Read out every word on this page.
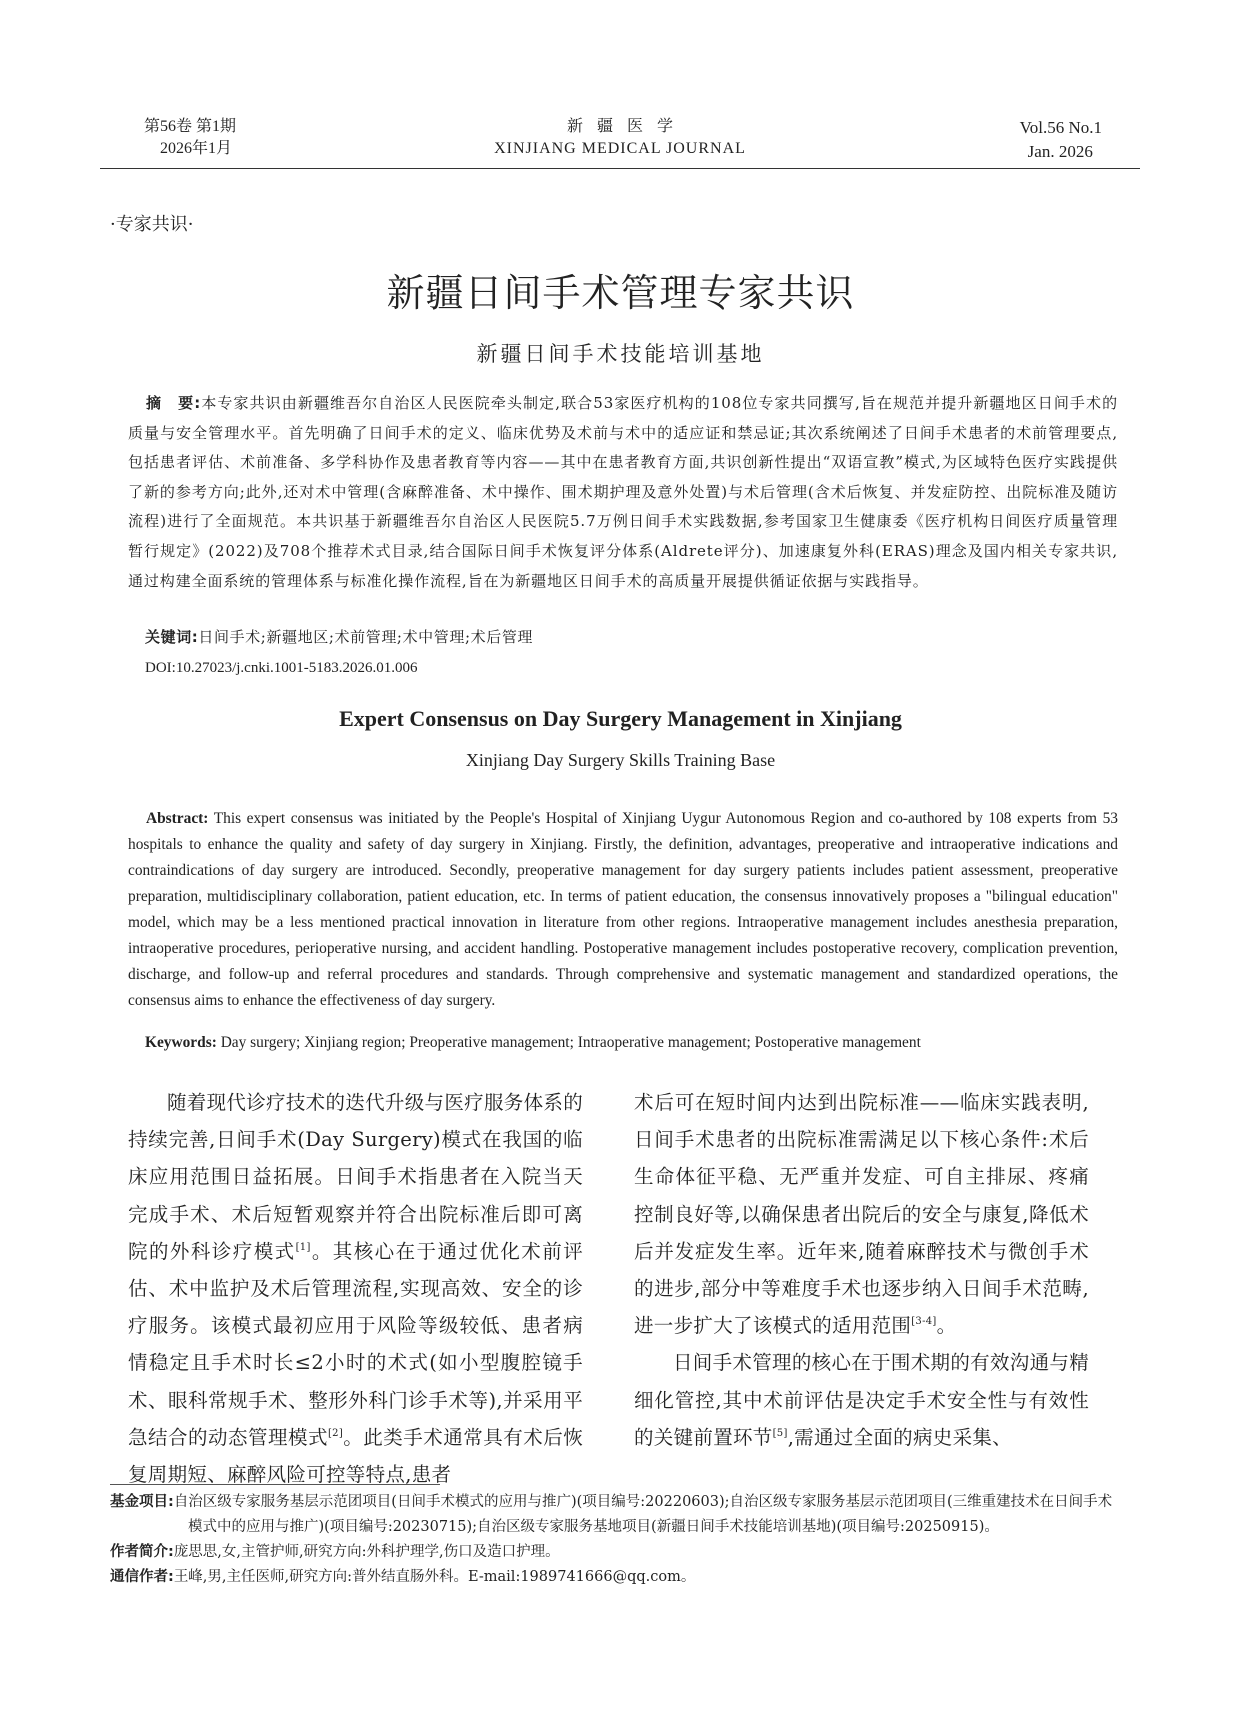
第56卷 第1期
2026年1月
新疆医学
XINJIANG MEDICAL JOURNAL
Vol.56 No.1
Jan. 2026
·专家共识·
新疆日间手术管理专家共识
新疆日间手术技能培训基地
摘　要:本专家共识由新疆维吾尔自治区人民医院牵头制定,联合53家医疗机构的108位专家共同撰写,旨在规范并提升新疆地区日间手术的质量与安全管理水平。首先明确了日间手术的定义、临床优势及术前与术中的适应证和禁忌证;其次系统阐述了日间手术患者的术前管理要点,包括患者评估、术前准备、多学科协作及患者教育等内容——其中在患者教育方面,共识创新性提出“双语宣教”模式,为区域特色医疗实践提供了新的参考方向;此外,还对术中管理(含麻醉准备、术中操作、围术期护理及意外处置)与术后管理(含术后恢复、并发症防控、出院标准及随访流程)进行了全面规范。本共识基于新疆维吾尔自治区人民医院5.7万例日间手术实践数据,参考国家卫生健康委《医疗机构日间医疗质量管理暂行规定》(2022)及708个推荐术式目录,结合国际日间手术恢复评分体系(Aldrete评分)、加速康复外科(ERAS)理念及国内相关专家共识,通过构建全面系统的管理体系与标准化操作流程,旨在为新疆地区日间手术的高质量开展提供循证依据与实践指导。
关键词:日间手术;新疆地区;术前管理;术中管理;术后管理
DOI:10.27023/j.cnki.1001-5183.2026.01.006
Expert Consensus on Day Surgery Management in Xinjiang
Xinjiang Day Surgery Skills Training Base
Abstract: This expert consensus was initiated by the People's Hospital of Xinjiang Uygur Autonomous Region and co-authored by 108 experts from 53 hospitals to enhance the quality and safety of day surgery in Xinjiang. Firstly, the definition, advantages, preoperative and intraoperative indications and contraindications of day surgery are introduced. Secondly, preoperative management for day surgery patients includes patient assessment, preoperative preparation, multidisciplinary collaboration, patient education, etc. In terms of patient education, the consensus innovatively proposes a "bilingual education" model, which may be a less mentioned practical innovation in literature from other regions. Intraoperative management includes anesthesia preparation, intraoperative procedures, perioperative nursing, and accident handling. Postoperative management includes postoperative recovery, complication prevention, discharge, and follow-up and referral procedures and standards. Through comprehensive and systematic management and standardized operations, the consensus aims to enhance the effectiveness of day surgery.
Keywords: Day surgery; Xinjiang region; Preoperative management; Intraoperative management; Postoperative management

随着现代诊疗技术的迭代升级与医疗服务体系的持续完善,日间手术(Day Surgery)模式在我国的临床应用范围日益拓展。日间手术指患者在入院当天完成手术、术后短暂观察并符合出院标准后即可离院的外科诊疗模式[1]。其核心在于通过优化术前评估、术中监护及术后管理流程,实现高效、安全的诊疗服务。该模式最初应用于风险等级较低、患者病情稳定且手术时长≤2小时的术式(如小型腹腔镜手术、眼科常规手术、整形外科门诊手术等),并采用平急结合的动态管理模式[2]。此类手术通常具有术后恢复周期短、麻醉风险可控等特点,患者

术后可在短时间内达到出院标准——临床实践表明,日间手术患者的出院标准需满足以下核心条件:术后生命体征平稳、无严重并发症、可自主排尿、疼痛控制良好等,以确保患者出院后的安全与康复,降低术后并发症发生率。近年来,随着麻醉技术与微创手术的进步,部分中等难度手术也逐步纳入日间手术范畴,进一步扩大了该模式的适用范围[3-4]。

日间手术管理的核心在于围术期的有效沟通与精细化管控,其中术前评估是决定手术安全性与有效性的关键前置环节[5],需通过全面的病史采集、

基金项目:自治区级专家服务基层示范团项目(日间手术模式的应用与推广)(项目编号:20220603);自治区级专家服务基层示范团项目(三维重建技术在日间手术模式中的应用与推广)(项目编号:20230715);自治区级专家服务基地项目(新疆日间手术技能培训基地)(项目编号:20250915)。

作者简介:庞思思,女,主管护师,研究方向:外科护理学,伤口及造口护理。

通信作者:王峰,男,主任医师,研究方向:普外结直肠外科。E-mail:1989741666@qq.com。
